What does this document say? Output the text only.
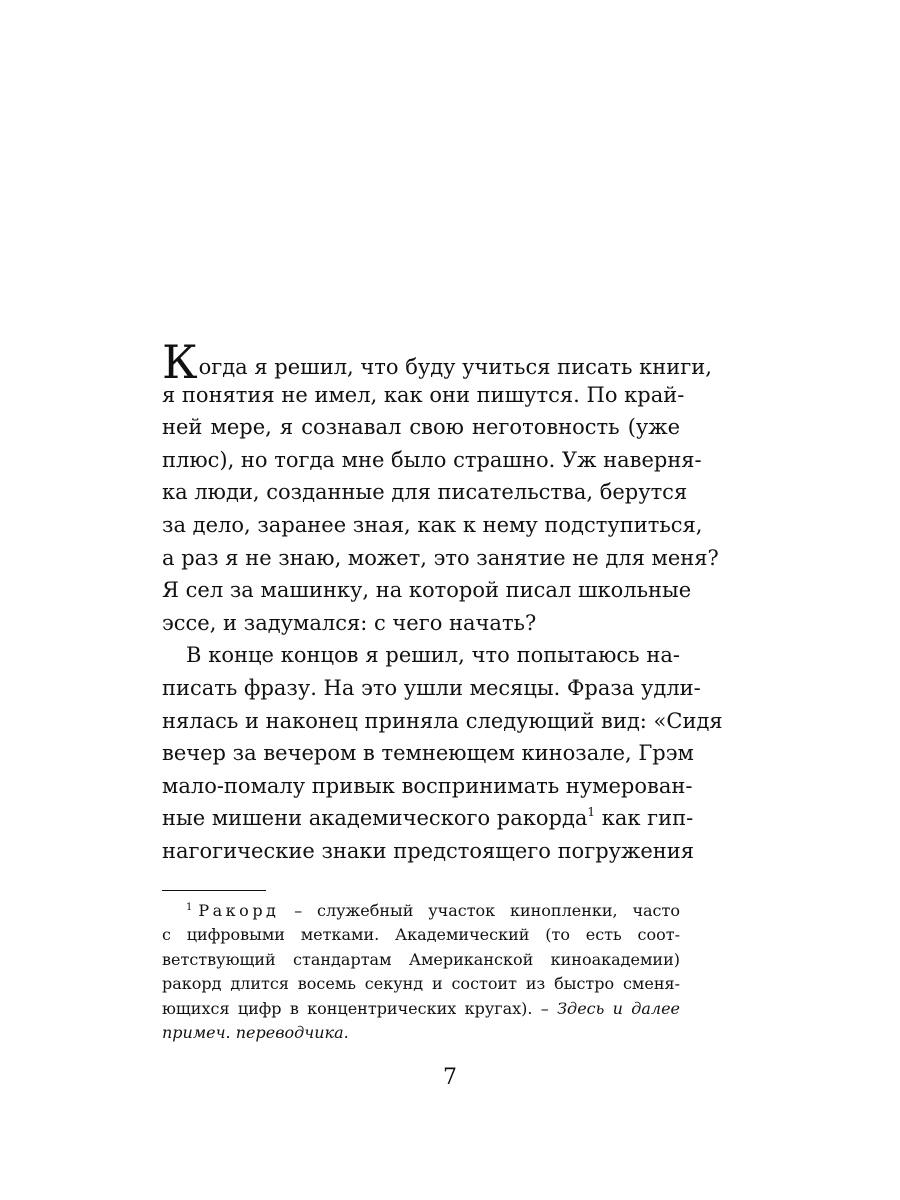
Когда я решил, что буду учиться писать книги,
я понятия не имел, как они пишутся. По край-
ней мере, я сознавал свою неготовность (уже
плюс), но тогда мне было страшно. Уж наверня-
ка люди, созданные для писательства, берутся
за дело, заранее зная, как к нему подступиться,
а раз я не знаю, может, это занятие не для меня?
Я сел за машинку, на которой писал школьные
эссе, и задумался: с чего начать?
В конце концов я решил, что попытаюсь на-
писать фразу. На это ушли месяцы. Фраза удли-
нялась и наконец приняла следующий вид: «Сидя
вечер за вечером в темнеющем кинозале, Грэм
мало-помалу привык воспринимать нумерован-
ные мишени академического ракорда$^1$ как гип-
нагогические знаки предстоящего погружения
$^1$ Ракорд – служебный участок кинопленки, часто
с цифровыми метками. Академический (то есть соот-
ветствующий стандартам Американской киноакадемии)
ракорд длится восемь секунд и состоит из быстро сменя-
ющихся цифр в концентрических кругах). – Здесь и далее
примеч. переводчика.
7
